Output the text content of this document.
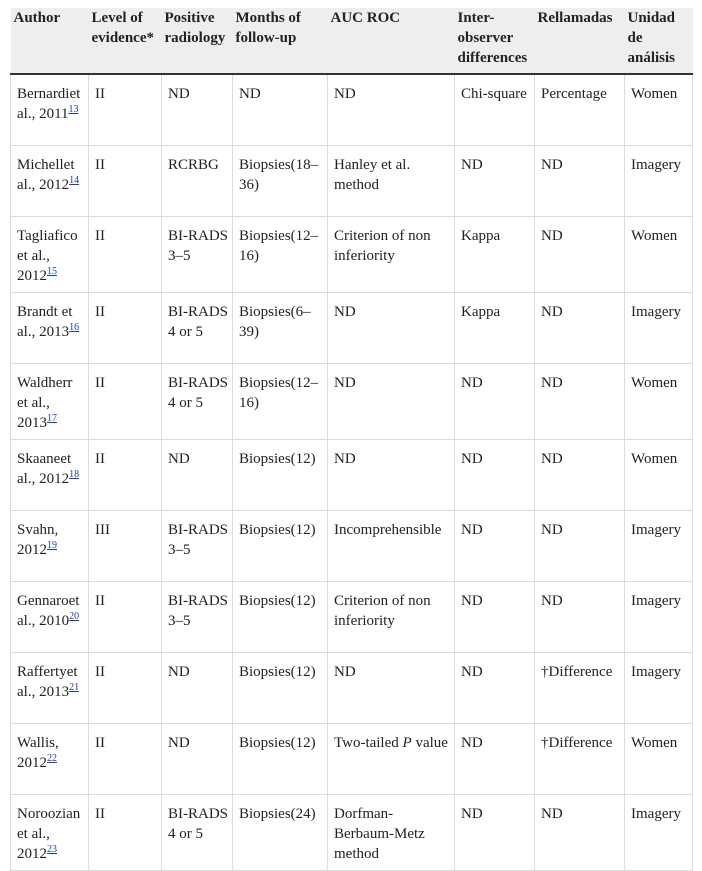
Author	Level of evidence*	Positive radiology	Months of follow-up	AUC ROC	Inter-observer differences	Rellamadas	Unidad de análisis
Bernardiet al., 2011$^{13}$	II	ND	ND	ND	Chi-square	Percentage	Women
Michellet al., 2012$^{14}$	II	RCRBG	Biopsies(18–36)	Hanley et al. method	ND	ND	Imagery
Tagliafico et al., 2012$^{15}$	II	BI-RADS 3–5	Biopsies(12–16)	Criterion of non inferiority	Kappa	ND	Women
Brandt et al., 2013$^{16}$	II	BI-RADS 4 or 5	Biopsies(6–39)	ND	Kappa	ND	Imagery
Waldherr et al., 2013$^{17}$	II	BI-RADS 4 or 5	Biopsies(12–16)	ND	ND	ND	Women
Skaaneet al., 2012$^{18}$	II	ND	Biopsies(12)	ND	ND	ND	Women
Svahn, 2012$^{19}$	III	BI-RADS 3–5	Biopsies(12)	Incomprehensible	ND	ND	Imagery
Gennaroet al., 2010$^{20}$	II	BI-RADS 3–5	Biopsies(12)	Criterion of non inferiority	ND	ND	Imagery
Raffertyet al., 2013$^{21}$	II	ND	Biopsies(12)	ND	ND	†Difference	Imagery
Wallis, 2012$^{22}$	II	ND	Biopsies(12)	Two-tailed P value	ND	†Difference	Women
Noroozian et al., 2012$^{23}$	II	BI-RADS 4 or 5	Biopsies(24)	Dorfman-Berbaum-Metz method	ND	ND	Imagery
